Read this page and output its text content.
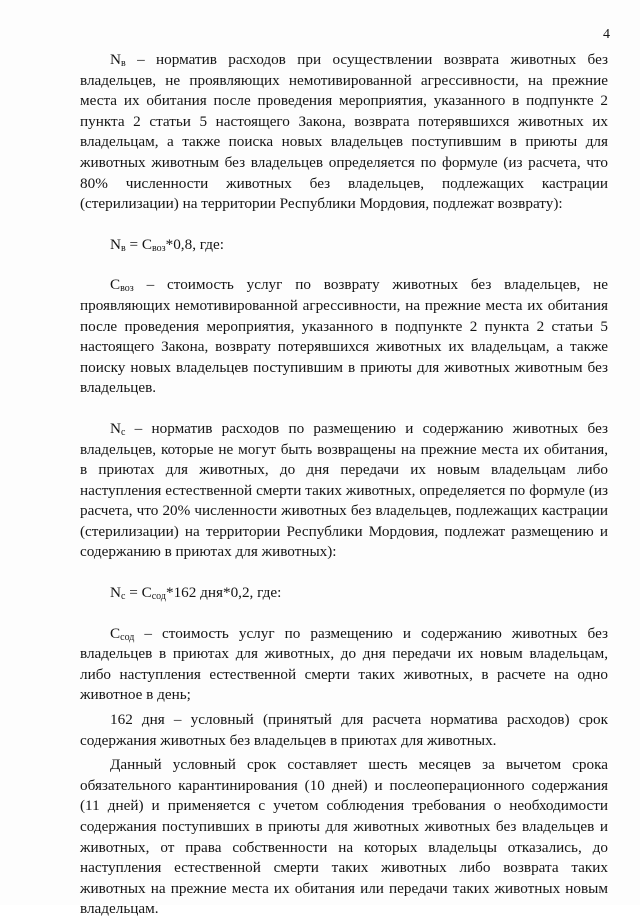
4

$N_в$ – норматив расходов при осуществлении возврата животных без владельцев, не проявляющих немотивированной агрессивности, на прежние места их обитания после проведения мероприятия, указанного в подпункте 2 пункта 2 статьи 5 настоящего Закона, возврата потерявшихся животных их владельцам, а также поиска новых владельцев поступившим в приюты для животных животным без владельцев определяется по формуле (из расчета, что 80% численности животных без владельцев, подлежащих кастрации (стерилизации) на территории Республики Мордовия, подлежат возврату):

$N_в = C_{воз}*0,8$, где:

$C_{воз}$ – стоимость услуг по возврату животных без владельцев, не проявляющих немотивированной агрессивности, на прежние места их обитания после проведения мероприятия, указанного в подпункте 2 пункта 2 статьи 5 настоящего Закона, возврату потерявшихся животных их владельцам, а также поиску новых владельцев поступившим в приюты для животных животным без владельцев.

$N_с$ – норматив расходов по размещению и содержанию животных без владельцев, которые не могут быть возвращены на прежние места их обитания, в приютах для животных, до дня передачи их новым владельцам либо наступления естественной смерти таких животных, определяется по формуле (из расчета, что 20% численности животных без владельцев, подлежащих кастрации (стерилизации) на территории Республики Мордовия, подлежат размещению и содержанию в приютах для животных):

$N_с = C_{сод}*162$ дня*0,2, где:

$C_{сод}$ – стоимость услуг по размещению и содержанию животных без владельцев в приютах для животных, до дня передачи их новым владельцам, либо наступления естественной смерти таких животных, в расчете на одно животное в день;

162 дня – условный (принятый для расчета норматива расходов) срок содержания животных без владельцев в приютах для животных.

Данный условный срок составляет шесть месяцев за вычетом срока обязательного карантинирования (10 дней) и послеоперационного содержания (11 дней) и применяется с учетом соблюдения требования о необходимости содержания поступивших в приюты для животных животных без владельцев и животных, от права собственности на которых владельцы отказались, до наступления естественной смерти таких животных либо возврата таких животных на прежние места их обитания или передачи таких животных новым владельцам.
